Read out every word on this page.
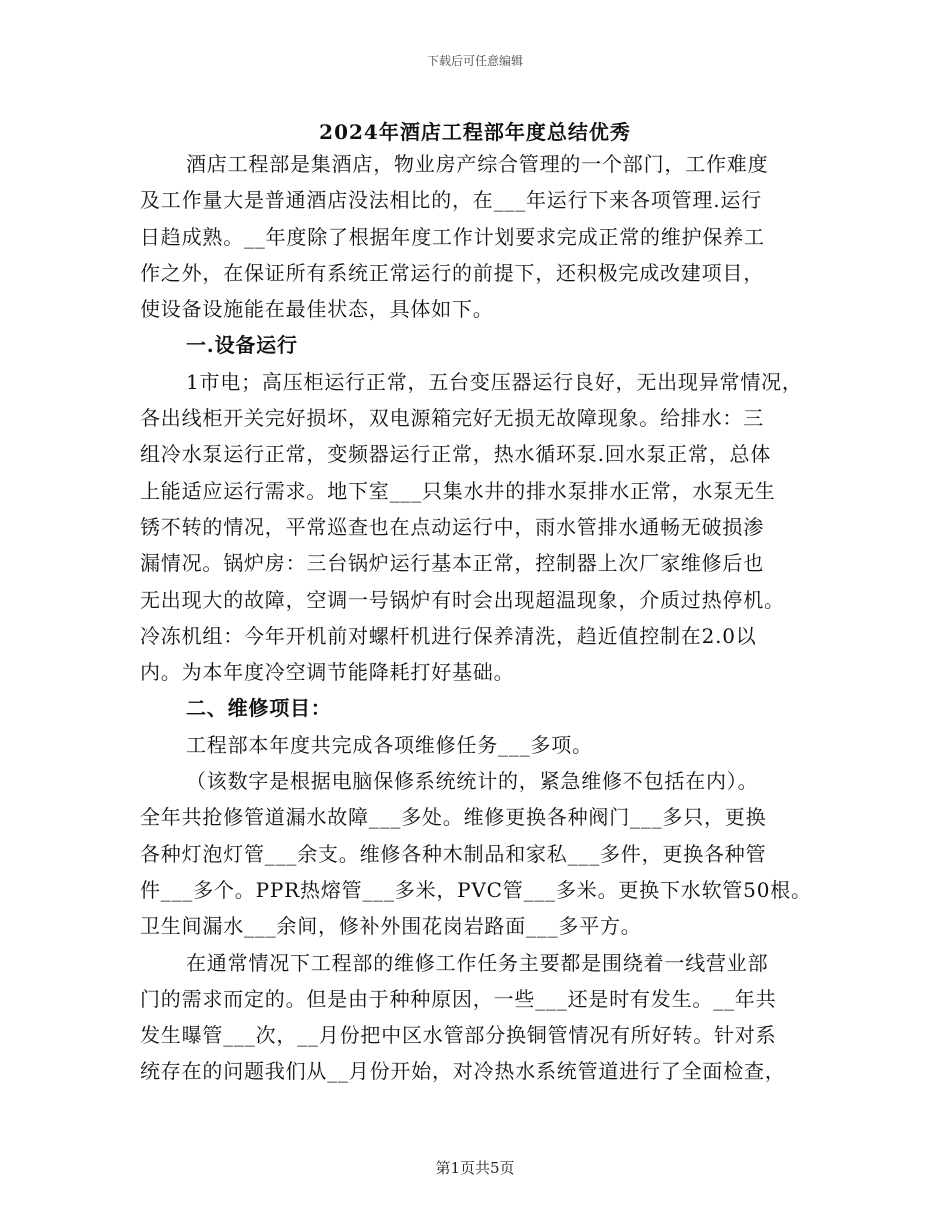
下载后可任意编辑
2024年酒店工程部年度总结优秀
酒店工程部是集酒店，物业房产综合管理的一个部门，工作难度
及工作量大是普通酒店没法相比的，在___年运行下来各项管理.运行
日趋成熟。__年度除了根据年度工作计划要求完成正常的维护保养工
作之外，在保证所有系统正常运行的前提下，还积极完成改建项目，
使设备设施能在最佳状态，具体如下。
一.设备运行
1市电；高压柜运行正常，五台变压器运行良好，无出现异常情况，
各出线柜开关完好损坏，双电源箱完好无损无故障现象。给排水：三
组冷水泵运行正常，变频器运行正常，热水循环泵.回水泵正常，总体
上能适应运行需求。地下室___只集水井的排水泵排水正常，水泵无生
锈不转的情况，平常巡查也在点动运行中，雨水管排水通畅无破损渗
漏情况。锅炉房：三台锅炉运行基本正常，控制器上次厂家维修后也
无出现大的故障，空调一号锅炉有时会出现超温现象，介质过热停机。
冷冻机组：今年开机前对螺杆机进行保养清洗，趋近值控制在2.0以
内。为本年度冷空调节能降耗打好基础。
二、维修项目：
工程部本年度共完成各项维修任务___多项。
（该数字是根据电脑保修系统统计的，紧急维修不包括在内）。
全年共抢修管道漏水故障___多处。维修更换各种阀门___多只，更换
各种灯泡灯管___余支。维修各种木制品和家私___多件，更换各种管
件___多个。PPR热熔管___多米，PVC管___多米。更换下水软管50根。
卫生间漏水___余间，修补外围花岗岩路面___多平方。
在通常情况下工程部的维修工作任务主要都是围绕着一线营业部
门的需求而定的。但是由于种种原因，一些___还是时有发生。__年共
发生曝管___次，__月份把中区水管部分换铜管情况有所好转。针对系
统存在的问题我们从__月份开始，对冷热水系统管道进行了全面检查，
第1页共5页
